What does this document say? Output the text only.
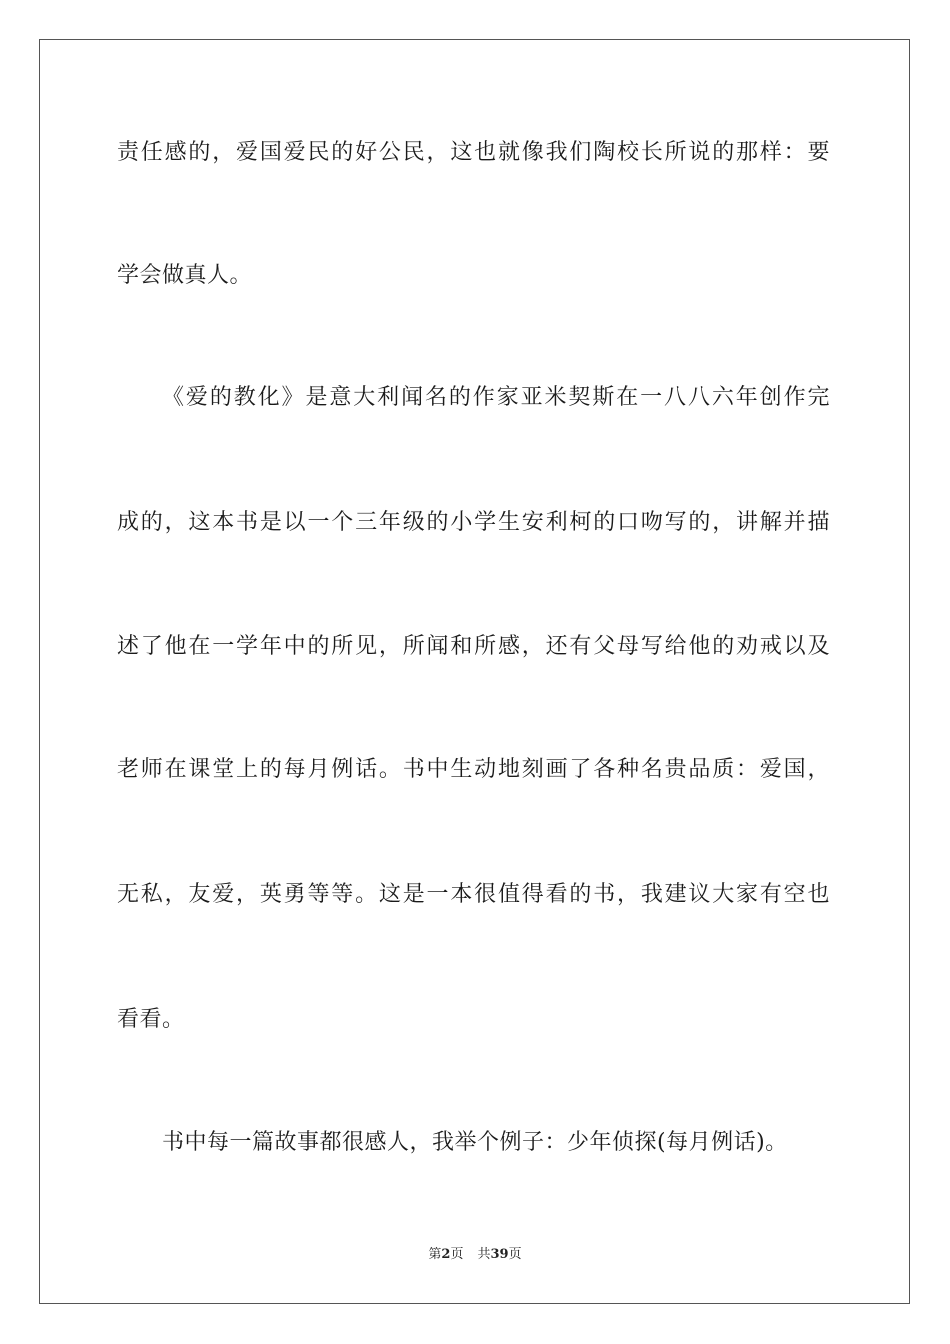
责任感的，爱国爱民的好公民，这也就像我们陶校长所说的那样：要
学会做真人。
《爱的教化》是意大利闻名的作家亚米契斯在一八八六年创作完
成的，这本书是以一个三年级的小学生安利柯的口吻写的，讲解并描
述了他在一学年中的所见，所闻和所感，还有父母写给他的劝戒以及
老师在课堂上的每月例话。书中生动地刻画了各种名贵品质：爱国，
无私，友爱，英勇等等。这是一本很值得看的书，我建议大家有空也
看看。
书中每一篇故事都很感人，我举个例子：少年侦探(每月例话)。
第2页 共39页
